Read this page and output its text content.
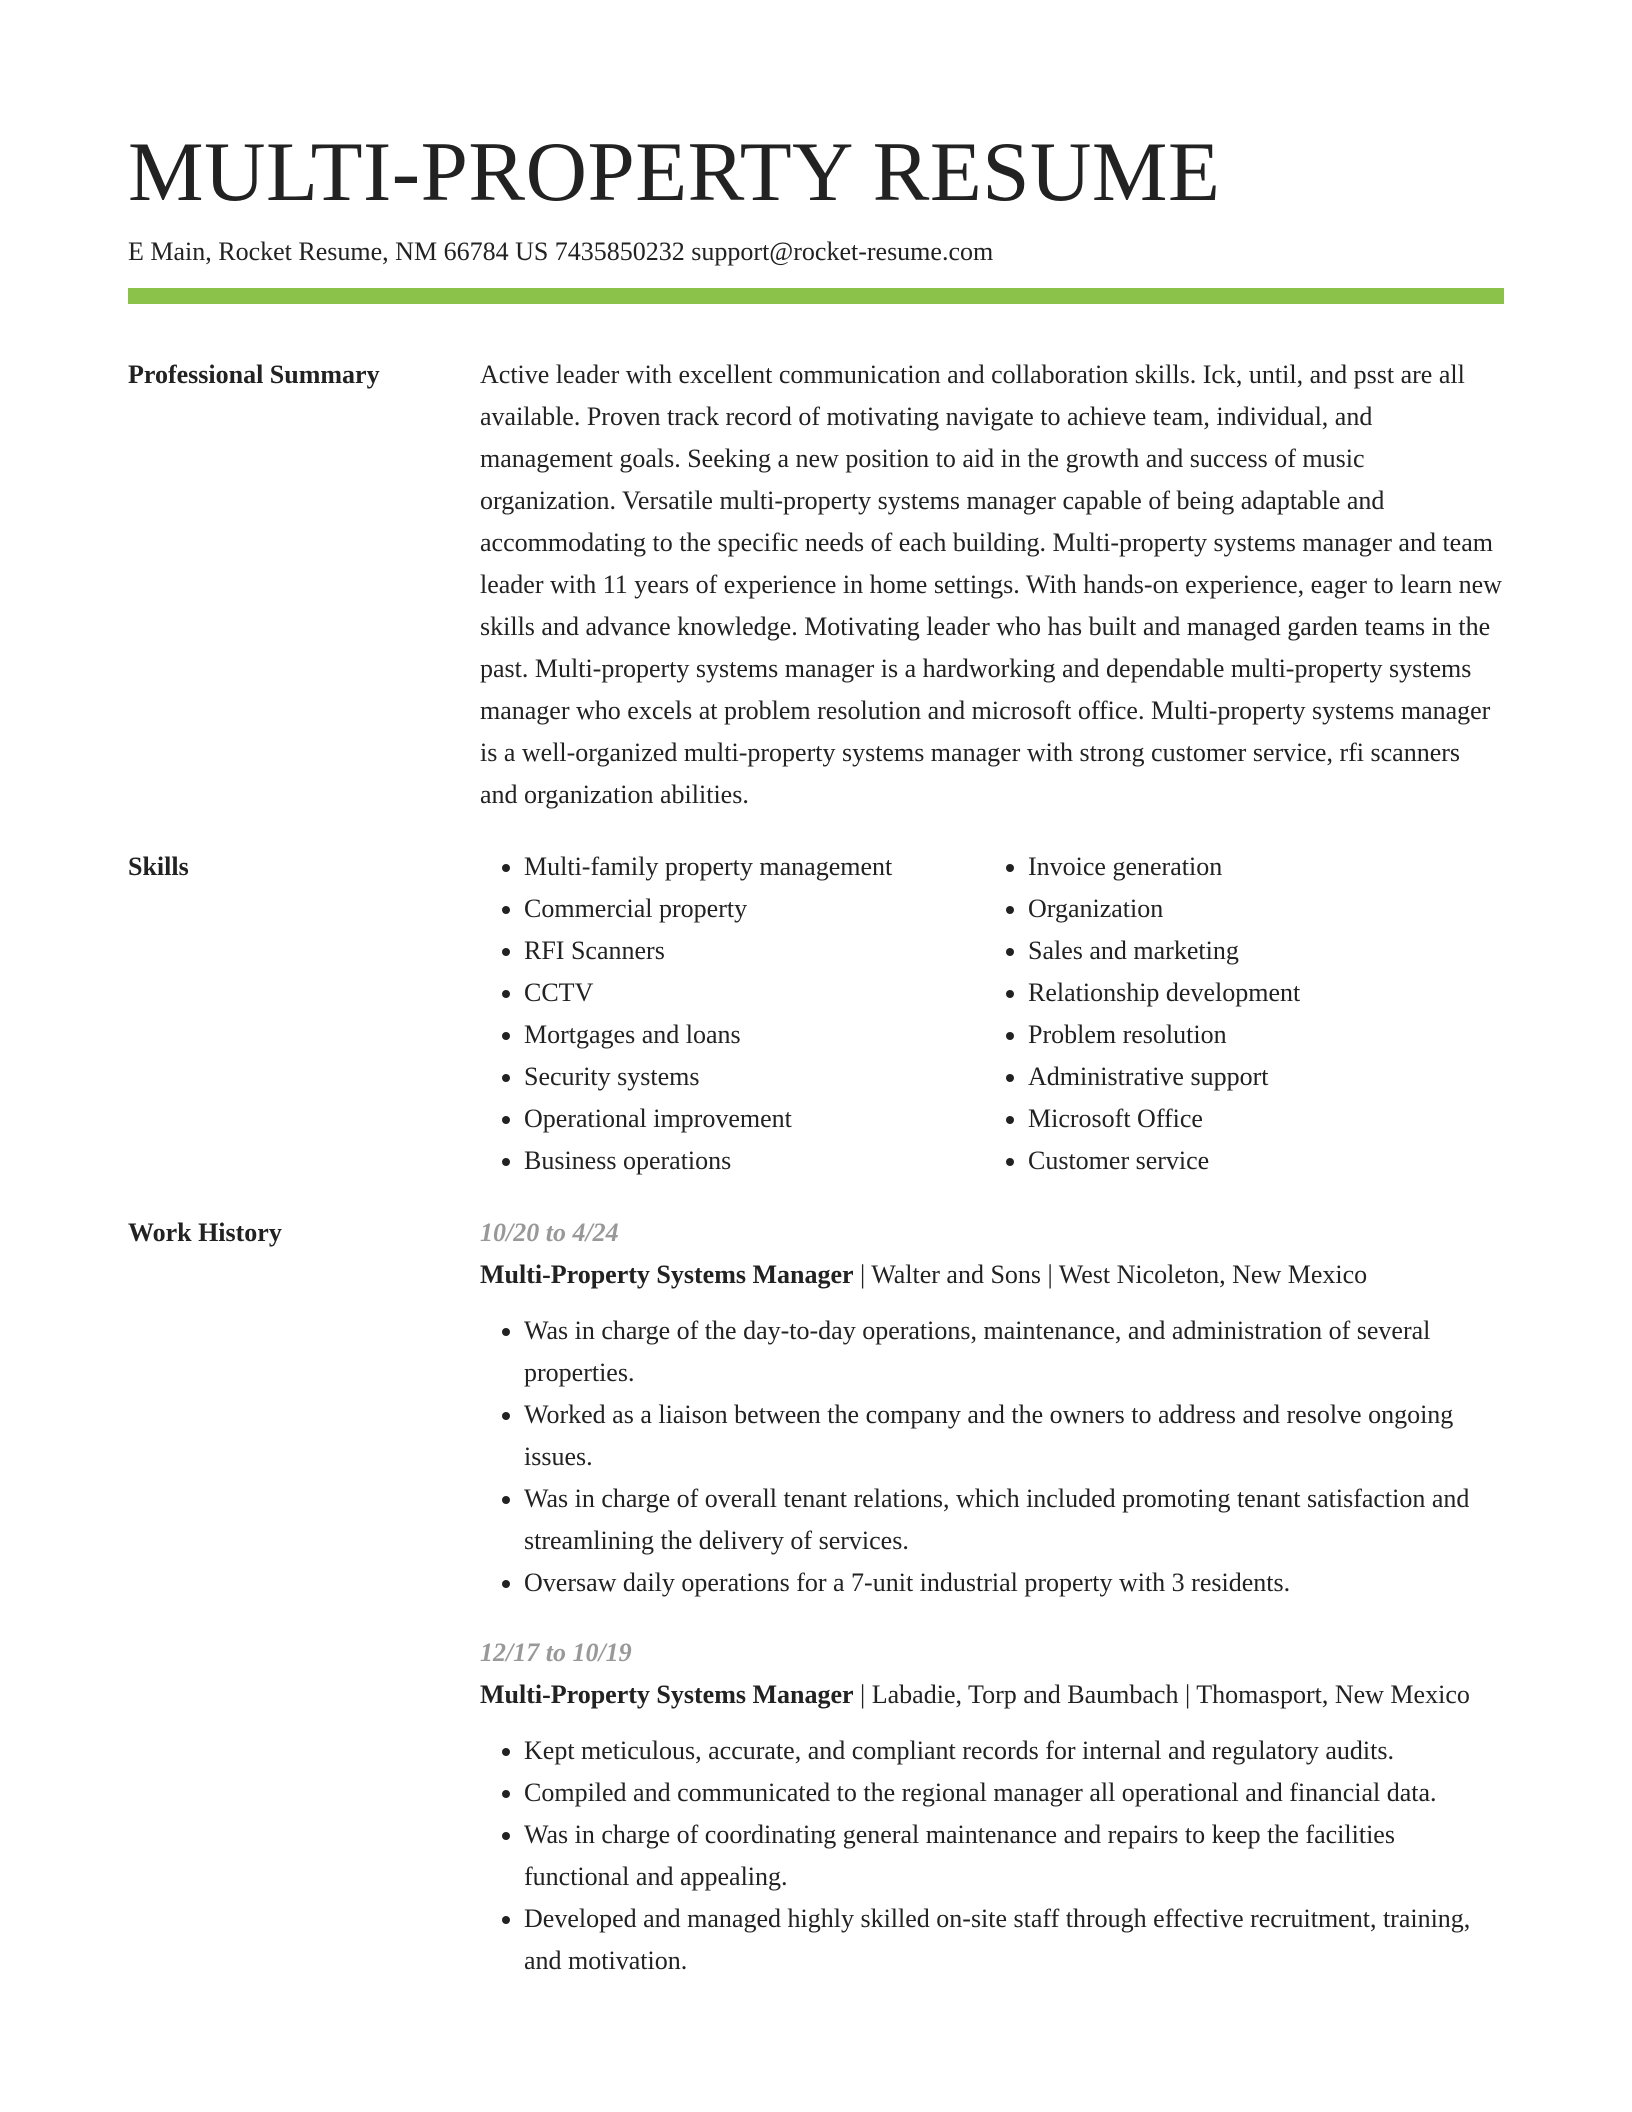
MULTI-PROPERTY RESUME
E Main, Rocket Resume, NM 66784 US 7435850232 support@rocket-resume.com
Professional Summary	Active leader with excellent communication and collaboration skills. Ick, until, and psst are all available. Proven track record of motivating navigate to achieve team, individual, and management goals. Seeking a new position to aid in the growth and success of music organization. Versatile multi-property systems manager capable of being adaptable and accommodating to the specific needs of each building. Multi-property systems manager and team leader with 11 years of experience in home settings. With hands-on experience, eager to learn new skills and advance knowledge. Motivating leader who has built and managed garden teams in the past. Multi-property systems manager is a hardworking and dependable multi-property systems manager who excels at problem resolution and microsoft office. Multi-property systems manager is a well-organized multi-property systems manager with strong customer service, rfi scanners and organization abilities.
Skills
•	Multi-family property management
• Commercial property
• RFI Scanners
• CCTV
• Mortgages and loans
• Security systems
• Operational improvement
• Business operations
• Invoice generation
• Organization
• Sales and marketing
• Relationship development
• Problem resolution
• Administrative support
• Microsoft Office
• Customer service
Work History	10/20 to 4/24
Multi-Property Systems Manager | Walter and Sons | West Nicoleton, New Mexico
• Was in charge of the day-to-day operations, maintenance, and administration of several properties.
• Worked as a liaison between the company and the owners to address and resolve ongoing issues.
• Was in charge of overall tenant relations, which included promoting tenant satisfaction and streamlining the delivery of services.
• Oversaw daily operations for a 7-unit industrial property with 3 residents.
12/17 to 10/19
Multi-Property Systems Manager | Labadie, Torp and Baumbach | Thomasport, New Mexico
• Kept meticulous, accurate, and compliant records for internal and regulatory audits.
• Compiled and communicated to the regional manager all operational and financial data.
• Was in charge of coordinating general maintenance and repairs to keep the facilities functional and appealing.
• Developed and managed highly skilled on-site staff through effective recruitment, training, and motivation.
